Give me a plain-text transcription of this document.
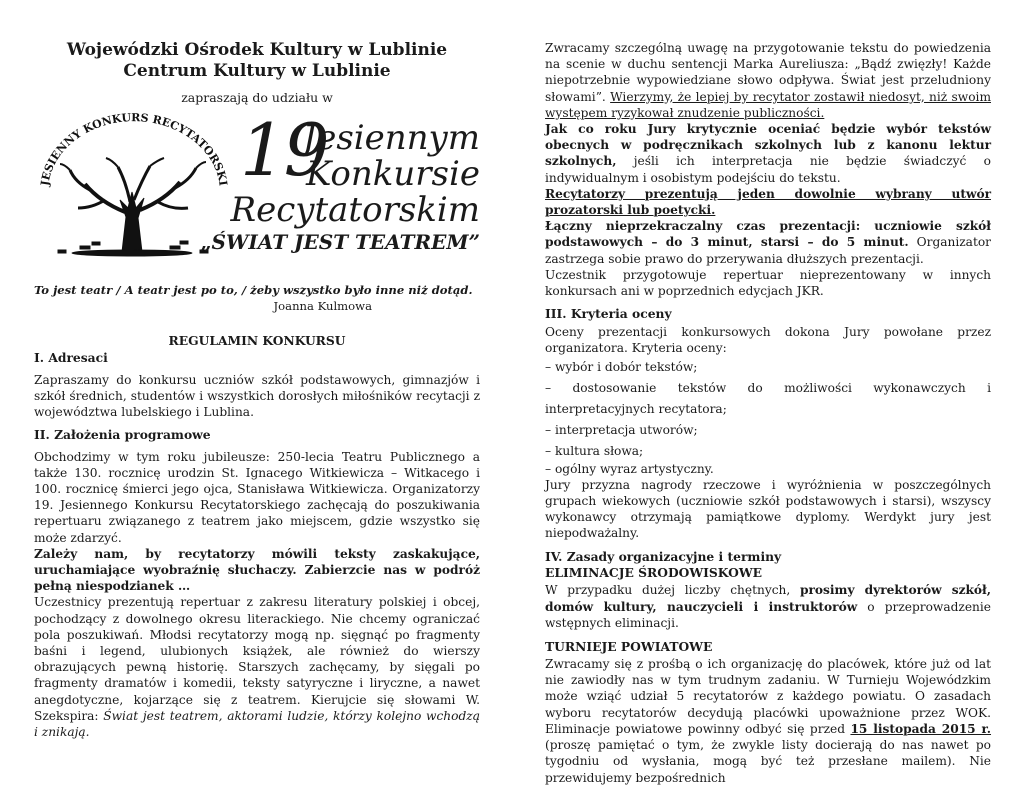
Wojewódzki Ośrodek Kultury w Lublinie
Centrum Kultury w Lublinie
zapraszają do udziału w
JESIENNY KONKURS RECYTATORSKI 19
Jesiennym
Konkursie
Recytatorskim
„ŚWIAT JEST TEATREM”
To jest teatr / A teatr jest po to, / żeby wszystko było inne niż dotąd.
Joanna Kulmowa
REGULAMIN KONKURSU
I. Adresaci

Zapraszamy do konkursu uczniów szkół podstawowych, gimnazjów i szkół średnich, studentów i wszystkich dorosłych miłośników recytacji z województwa lubelskiego i Lublina.

II. Założenia programowe

Obchodzimy w tym roku jubileusze: 250-lecia Teatru Publicznego a także 130. rocznicę urodzin St. Ignacego Witkiewicza – Witkacego i 100. rocznicę śmierci jego ojca, Stanisława Witkiewicza. Organizatorzy 19. Jesiennego Konkursu Recytatorskiego zachęcają do poszukiwania repertuaru związanego z teatrem jako miejscem, gdzie wszystko się może zdarzyć.

Zależy nam, by recytatorzy mówili teksty zaskakujące, uruchamiające wyobraźnię słuchaczy. Zabierzcie nas w podróż pełną niespodzianek …

Uczestnicy prezentują repertuar z zakresu literatury polskiej i obcej, pochodzący z dowolnego okresu literackiego. Nie chcemy ograniczać pola poszukiwań. Młodsi recytatorzy mogą np. sięgnąć po fragmenty baśni i legend, ulubionych książek, ale również do wierszy obrazujących pewną historię. Starszych zachęcamy, by sięgali po fragmenty dramatów i komedii, teksty satyryczne i liryczne, a nawet anegdotyczne, kojarzące się z teatrem. Kierujcie się słowami W. Szekspira: Świat jest teatrem, aktorami ludzie, którzy kolejno wchodzą i znikają.

Zwracamy szczególną uwagę na przygotowanie tekstu do powiedzenia na scenie w duchu sentencji Marka Aureliusza: „Bądź zwięzły! Każde niepotrzebnie wypowiedziane słowo odpływa. Świat jest przeludniony słowami”. Wierzymy, że lepiej by recytator zostawił niedosyt, niż swoim występem ryzykował znudzenie publiczności.

Jak co roku Jury krytycznie oceniać będzie wybór tekstów obecnych w podręcznikach szkolnych lub z kanonu lektur szkolnych, jeśli ich interpretacja nie będzie świadczyć o indywidualnym i osobistym podejściu do tekstu.

Recytatorzy prezentują jeden dowolnie wybrany utwór prozatorski lub poetycki.

Łączny nieprzekraczalny czas prezentacji: uczniowie szkół podstawowych – do 3 minut, starsi – do 5 minut. Organizator zastrzega sobie prawo do przerywania dłuższych prezentacji.

Uczestnik przygotowuje repertuar nieprezentowany w innych konkursach ani w poprzednich edycjach JKR.

III. Kryteria oceny

Oceny prezentacji konkursowych dokona Jury powołane przez organizatora. Kryteria oceny:

– wybór i dobór tekstów;

– dostosowanie tekstów do możliwości wykonawczych i interpretacyjnych recytatora;

– interpretacja utworów;

– kultura słowa;

– ogólny wyraz artystyczny.

Jury przyzna nagrody rzeczowe i wyróżnienia w poszczególnych grupach wiekowych (uczniowie szkół podstawowych i starsi), wszyscy wykonawcy otrzymają pamiątkowe dyplomy. Werdykt jury jest niepodważalny.

IV. Zasady organizacyjne i terminy
ELIMINACJE ŚRODOWISKOWE

W przypadku dużej liczby chętnych, prosimy dyrektorów szkół, domów kultury, nauczycieli i instruktorów o przeprowadzenie wstępnych eliminacji.

TURNIEJE POWIATOWE

Zwracamy się z prośbą o ich organizację do placówek, które już od lat nie zawiodły nas w tym trudnym zadaniu. W Turnieju Wojewódzkim może wziąć udział 5 recytatorów z każdego powiatu. O zasadach wyboru recytatorów decydują placówki upoważnione przez WOK. Eliminacje powiatowe powinny odbyć się przed 15 listopada 2015 r. (proszę pamiętać o tym, że zwykle listy docierają do nas nawet po tygodniu od wysłania, mogą być też przesłane mailem). Nie przewidujemy bezpośrednich
